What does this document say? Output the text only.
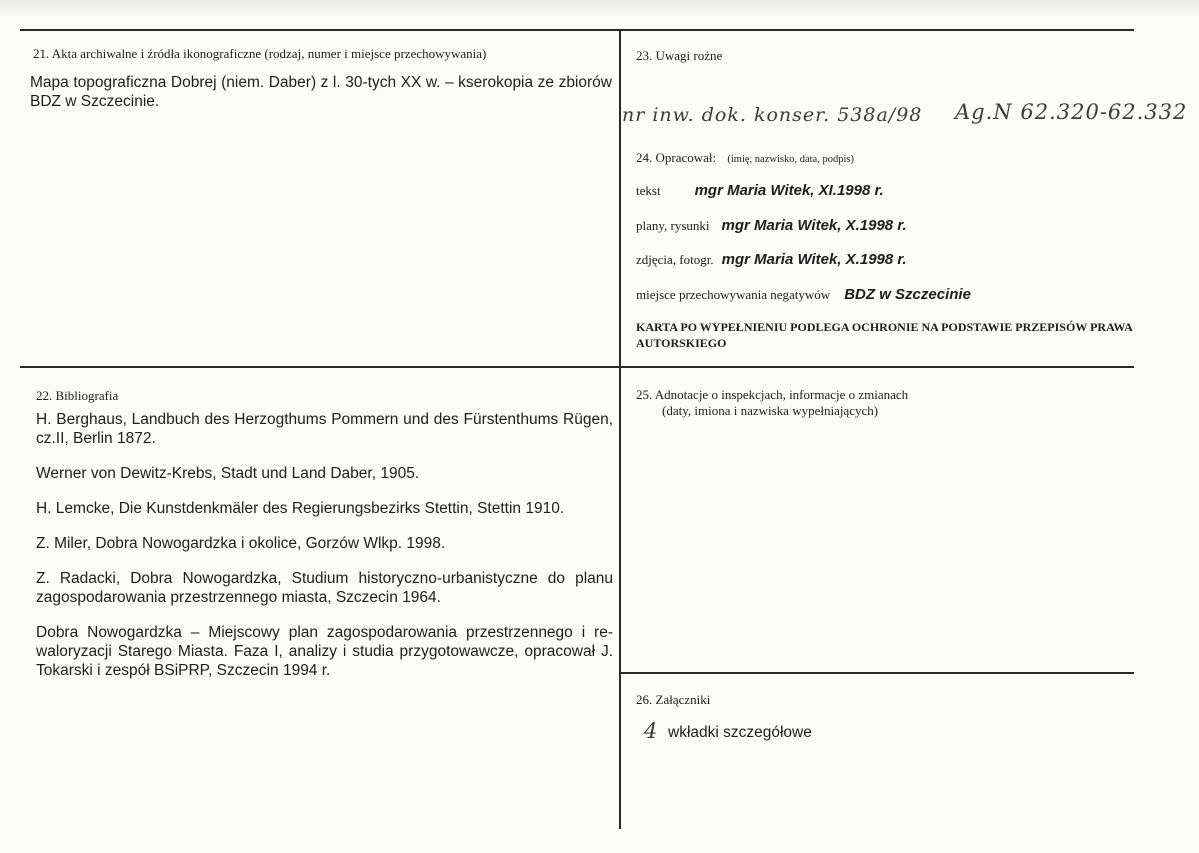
21. Akta archiwalne i źródła ikonograficzne (rodzaj, numer i miejsce przechowywania)
Mapa topograficzna Dobrej (niem. Daber) z l. 30-tych XX w. – kserokopia ze zbiorów BDZ w Szczecinie.
23. Uwagi rożne
nr inw. dok. konser. 538a/98 Ag.N 62.320-62.332
24. Opracował: (imię, nazwisko, data, podpis)
tekst mgr Maria Witek, XI.1998 r.
plany, rysunki mgr Maria Witek, X.1998 r.
zdjęcia, fotogr. mgr Maria Witek, X.1998 r.
miejsce przechowywania negatywów BDZ w Szczecinie
KARTA PO WYPEŁNIENIU PODLEGA OCHRONIE NA PODSTAWIE PRZEPISÓW PRAWA AUTORSKIEGO
22. Bibliografia

H. Berghaus, Landbuch des Herzogthums Pommern und des Fürstenthums Rügen, cz.II, Berlin 1872.

Werner von Dewitz-Krebs, Stadt und Land Daber, 1905.

H. Lemcke, Die Kunstdenkmäler des Regierungsbezirks Stettin, Stettin 1910.

Z. Miler, Dobra Nowogardzka i okolice, Gorzów Wlkp. 1998.

Z. Radacki, Dobra Nowogardzka, Studium historyczno-urbanistyczne do planu zagospodarowania przestrzennego miasta, Szczecin 1964.

Dobra Nowogardzka – Miejscowy plan zagospodarowania przestrzennego i re-waloryzacji Starego Miasta. Faza I, analizy i studia przygotowawcze, opracował J. Tokarski i zespół BSiPRP, Szczecin 1994 r.

25. Adnotacje o inspekcjach, informacje o zmianach
(daty, imiona i nazwiska wypełniających)
26. Załączniki
4 wkładki szczegółowe
